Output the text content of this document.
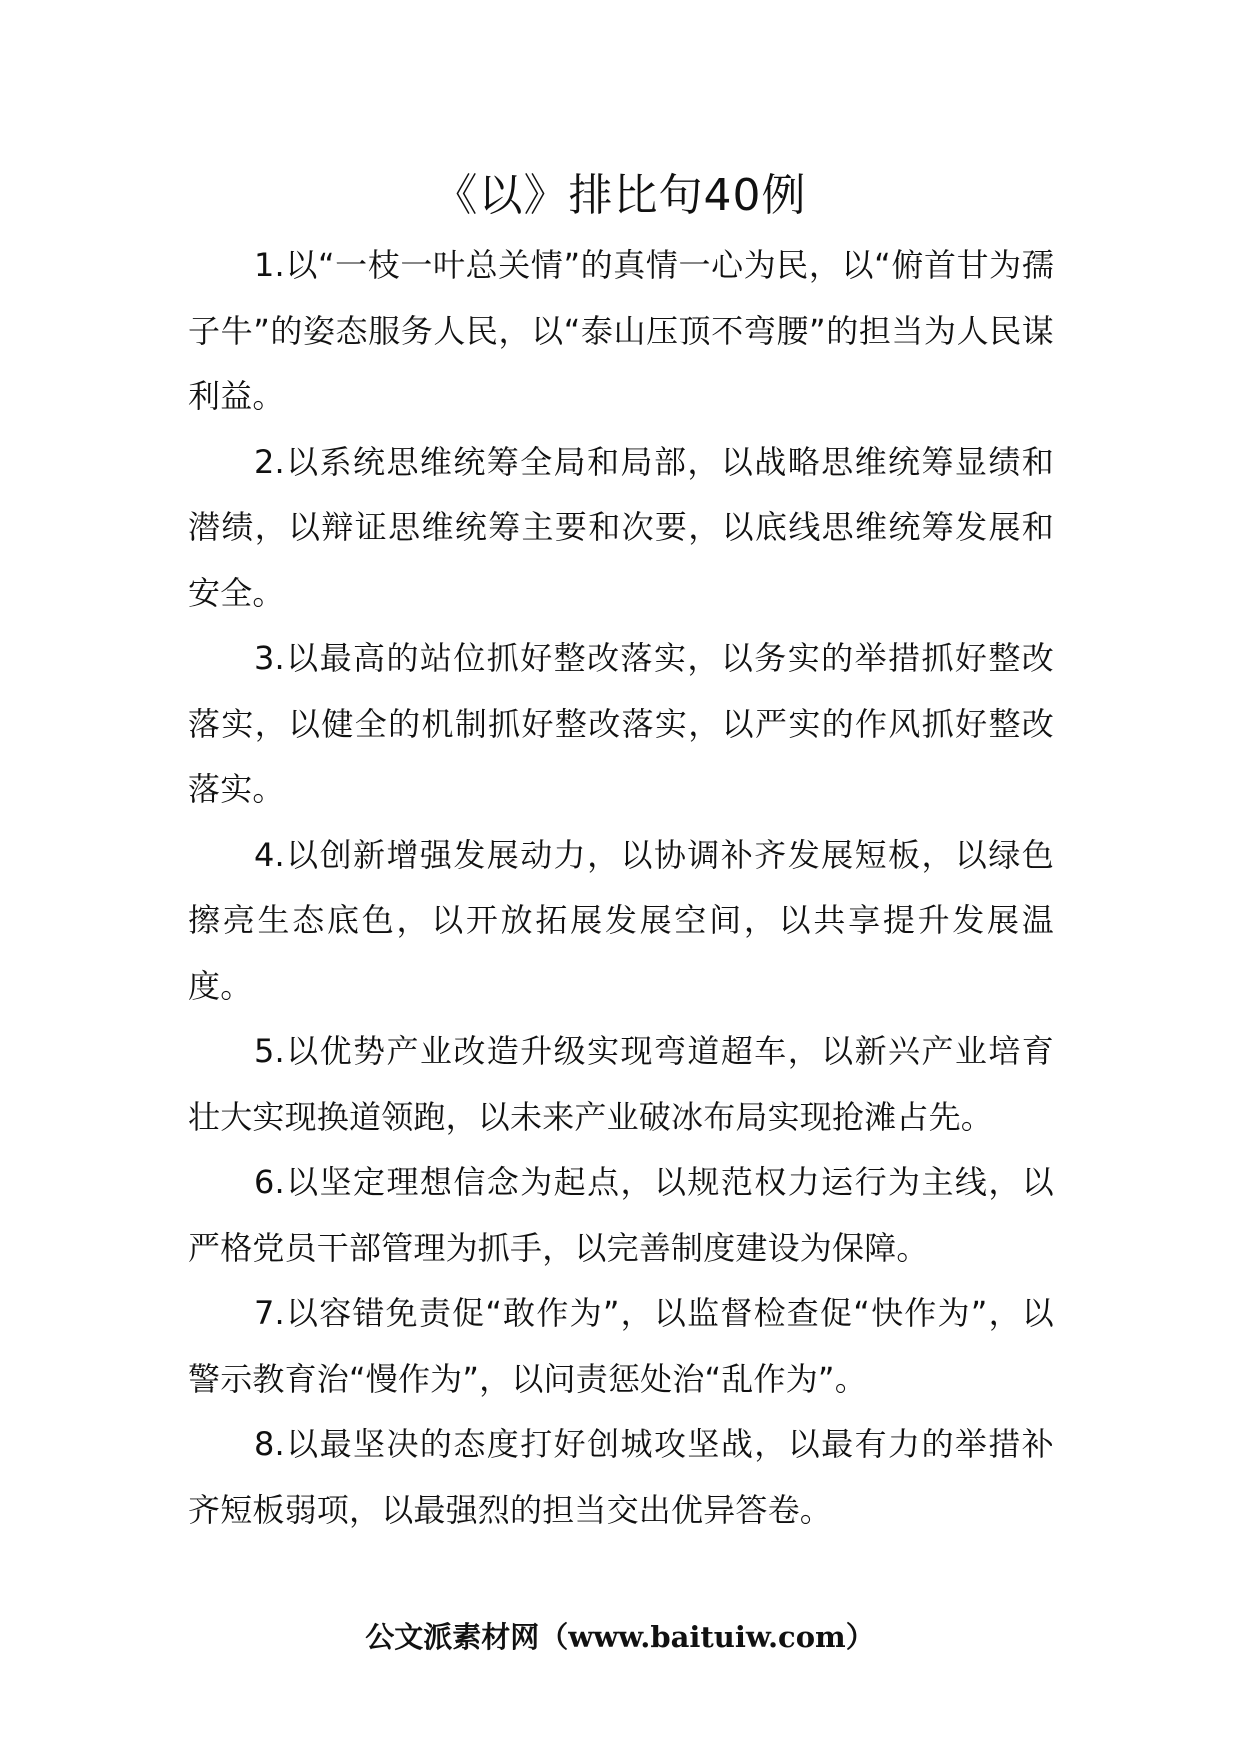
《以》排比句40例

1.以“一枝一叶总关情”的真情一心为民，以“俯首甘为孺子牛”的姿态服务人民，以“泰山压顶不弯腰”的担当为人民谋利益。

2.以系统思维统筹全局和局部，以战略思维统筹显绩和潜绩，以辩证思维统筹主要和次要，以底线思维统筹发展和安全。

3.以最高的站位抓好整改落实，以务实的举措抓好整改落实，以健全的机制抓好整改落实，以严实的作风抓好整改落实。

4.以创新增强发展动力，以协调补齐发展短板，以绿色擦亮生态底色，以开放拓展发展空间，以共享提升发展温度。

5.以优势产业改造升级实现弯道超车，以新兴产业培育壮大实现换道领跑，以未来产业破冰布局实现抢滩占先。

6.以坚定理想信念为起点，以规范权力运行为主线，以严格党员干部管理为抓手，以完善制度建设为保障。

7.以容错免责促“敢作为”，以监督检查促“快作为”，以警示教育治“慢作为”，以问责惩处治“乱作为”。

8.以最坚决的态度打好创城攻坚战，以最有力的举措补齐短板弱项，以最强烈的担当交出优异答卷。

公文派素材网（www.baituiw.com）
